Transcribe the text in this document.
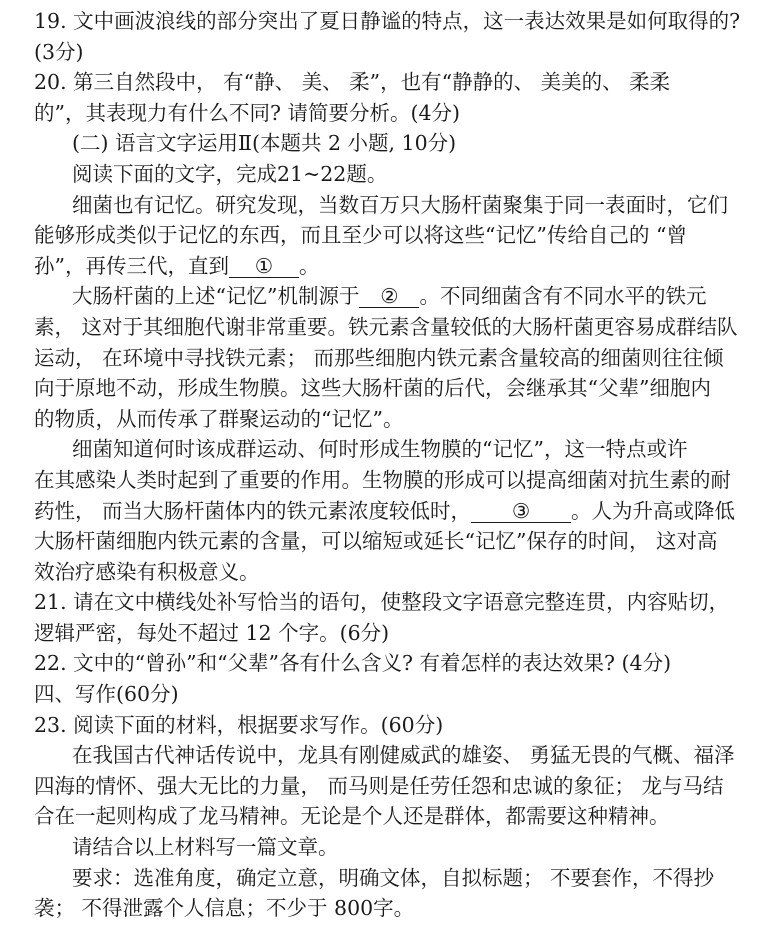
19. 文中画波浪线的部分突出了夏日静谧的特点，这一表达效果是如何取得的?
(3分)
20. 第三自然段中， 有“静、 美、 柔”，也有“静静的、 美美的、 柔柔
的”，其表现力有什么不同? 请简要分析。(4分)
(二) 语言文字运用Ⅱ(本题共 2 小题, 10分)
阅读下面的文字，完成21~22题。
细菌也有记忆。研究发现，当数百万只大肠杆菌聚集于同一表面时，它们
能够形成类似于记忆的东西，而且至少可以将这些“记忆”传给自己的 “曾
孙”，再传三代，直到 ① 。
大肠杆菌的上述“记忆”机制源于 ② 。不同细菌含有不同水平的铁元
素， 这对于其细胞代谢非常重要。铁元素含量较低的大肠杆菌更容易成群结队
运动， 在环境中寻找铁元素； 而那些细胞内铁元素含量较高的细菌则往往倾
向于原地不动，形成生物膜。这些大肠杆菌的后代，会继承其“父辈”细胞内
的物质，从而传承了群聚运动的“记忆”。
细菌知道何时该成群运动、何时形成生物膜的“记忆”，这一特点或许
在其感染人类时起到了重要的作用。生物膜的形成可以提高细菌对抗生素的耐
药性， 而当大肠杆菌体内的铁元素浓度较低时， ③ 。人为升高或降低
大肠杆菌细胞内铁元素的含量，可以缩短或延长“记忆”保存的时间， 这对高
效治疗感染有积极意义。
21. 请在文中横线处补写恰当的语句，使整段文字语意完整连贯，内容贴切，
逻辑严密，每处不超过 12 个字。(6分)
22. 文中的“曾孙”和“父辈”各有什么含义? 有着怎样的表达效果? (4分)
四、写作(60分)
23. 阅读下面的材料，根据要求写作。(60分)
在我国古代神话传说中，龙具有刚健威武的雄姿、 勇猛无畏的气概、福泽
四海的情怀、强大无比的力量， 而马则是任劳任怨和忠诚的象征； 龙与马结
合在一起则构成了龙马精神。无论是个人还是群体，都需要这种精神。
请结合以上材料写一篇文章。
要求：选准角度，确定立意，明确文体，自拟标题； 不要套作，不得抄
袭； 不得泄露个人信息；不少于 800字。
